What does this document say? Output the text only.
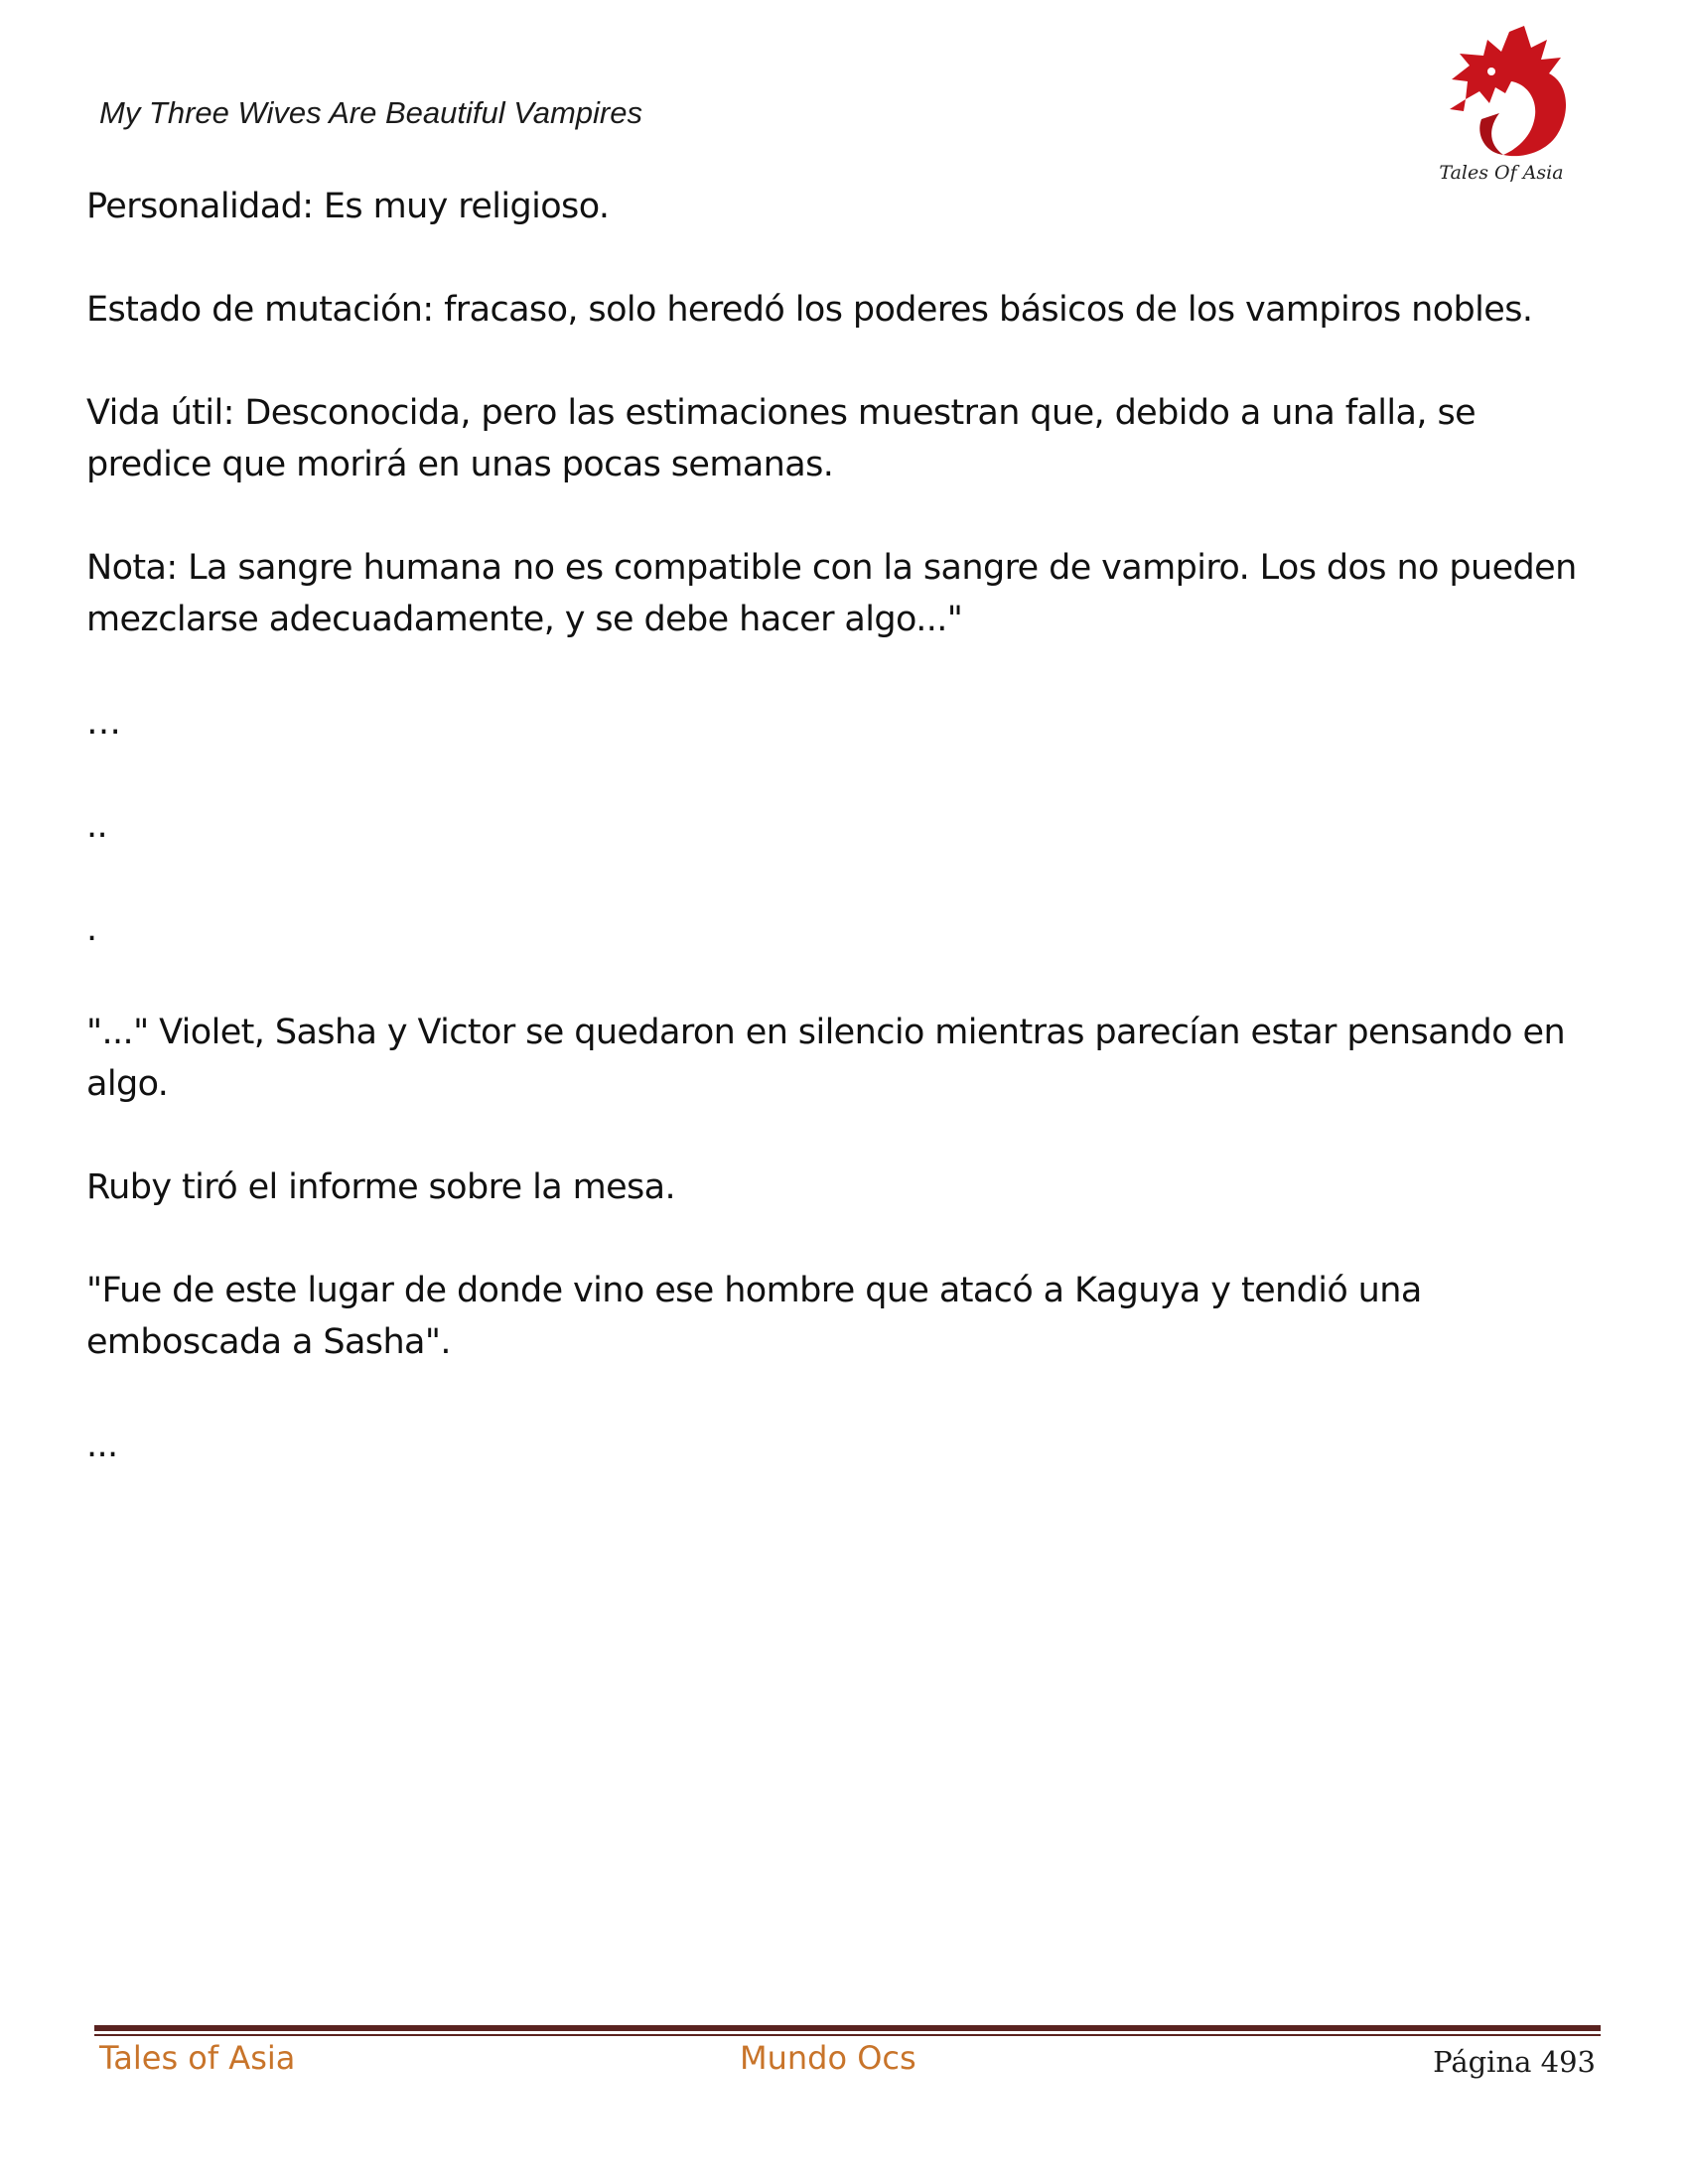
My Three Wives Are Beautiful Vampires

Tales Of Asia

Personalidad: Es muy religioso.

Estado de mutación: fracaso, solo heredó los poderes básicos de los vampiros nobles.

Vida útil: Desconocida, pero las estimaciones muestran que, debido a una falla, se predice que morirá en unas pocas semanas.

Nota: La sangre humana no es compatible con la sangre de vampiro. Los dos no pueden mezclarse adecuadamente, y se debe hacer algo..."

…

..

.

"..." Violet, Sasha y Victor se quedaron en silencio mientras parecían estar pensando en algo.

Ruby tiró el informe sobre la mesa.

"Fue de este lugar de donde vino ese hombre que atacó a Kaguya y tendió una emboscada a Sasha".

...

Tales of Asia	Mundo Ocs	Página 493
